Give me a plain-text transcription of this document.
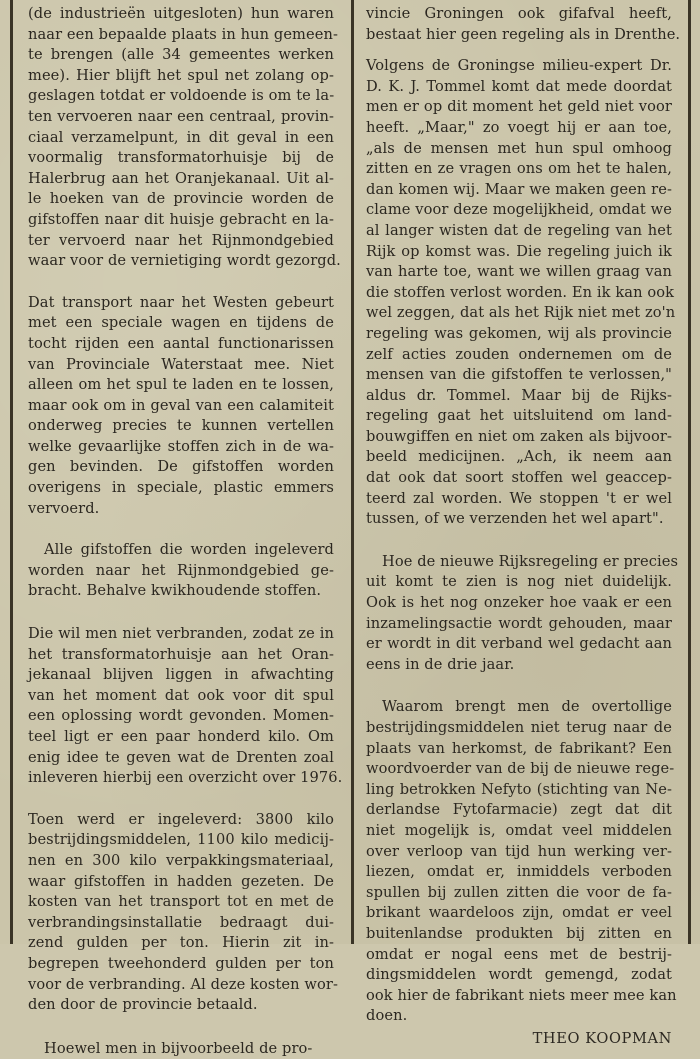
(de industrieën uitgesloten) hun waren
naar een bepaalde plaats in hun gemeen-
te brengen (alle 34 gemeentes werken
mee). Hier blijft het spul net zolang op-
geslagen totdat er voldoende is om te la-
ten vervoeren naar een centraal, provin-
ciaal verzamelpunt, in dit geval in een
voormalig transformatorhuisje bij de
Halerbrug aan het Oranjekanaal. Uit al-
le hoeken van de provincie worden de
gifstoffen naar dit huisje gebracht en la-
ter vervoerd naar het Rijnmondgebied
waar voor de vernietiging wordt gezorgd.

Dat transport naar het Westen gebeurt
met een speciale wagen en tijdens de
tocht rijden een aantal functionarissen
van Provinciale Waterstaat mee. Niet
alleen om het spul te laden en te lossen,
maar ook om in geval van een calamiteit
onderweg precies te kunnen vertellen
welke gevaarlijke stoffen zich in de wa-
gen bevinden. De gifstoffen worden
overigens in speciale, plastic emmers
vervoerd.

Alle gifstoffen die worden ingeleverd
worden naar het Rijnmondgebied ge-
bracht. Behalve kwikhoudende stoffen.

Die wil men niet verbranden, zodat ze in
het transformatorhuisje aan het Oran-
jekanaal blijven liggen in afwachting
van het moment dat ook voor dit spul
een oplossing wordt gevonden. Momen-
teel ligt er een paar honderd kilo. Om
enig idee te geven wat de Drenten zoal
inleveren hierbij een overzicht over 1976.

Toen werd er ingeleverd: 3800 kilo
bestrijdingsmiddelen, 1100 kilo medicij-
nen en 300 kilo verpakkingsmateriaal,
waar gifstoffen in hadden gezeten. De
kosten van het transport tot en met de
verbrandingsinstallatie bedraagt dui-
zend gulden per ton. Hierin zit in-
begrepen tweehonderd gulden per ton
voor de verbranding. Al deze kosten wor-
den door de provincie betaald.

Hoewel men in bijvoorbeeld de pro-

vincie Groningen ook gifafval heeft,
bestaat hier geen regeling als in Drenthe.

Volgens de Groningse milieu-expert Dr.
D. K. J. Tommel komt dat mede doordat
men er op dit moment het geld niet voor
heeft. „Maar," zo voegt hij er aan toe,
„als de mensen met hun spul omhoog
zitten en ze vragen ons om het te halen,
dan komen wij. Maar we maken geen re-
clame voor deze mogelijkheid, omdat we
al langer wisten dat de regeling van het
Rijk op komst was. Die regeling juich ik
van harte toe, want we willen graag van
die stoffen verlost worden. En ik kan ook
wel zeggen, dat als het Rijk niet met zo'n
regeling was gekomen, wij als provincie
zelf acties zouden ondernemen om de
mensen van die gifstoffen te verlossen,"
aldus dr. Tommel. Maar bij de Rijks-
regeling gaat het uitsluitend om land-
bouwgiffen en niet om zaken als bijvoor-
beeld medicijnen. „Ach, ik neem aan
dat ook dat soort stoffen wel geaccep-
teerd zal worden. We stoppen 't er wel
tussen, of we verzenden het wel apart".

Hoe de nieuwe Rijksregeling er precies
uit komt te zien is nog niet duidelijk.
Ook is het nog onzeker hoe vaak er een
inzamelingsactie wordt gehouden, maar
er wordt in dit verband wel gedacht aan
eens in de drie jaar.

Waarom brengt men de overtollige
bestrijdingsmiddelen niet terug naar de
plaats van herkomst, de fabrikant? Een
woordvoerder van de bij de nieuwe rege-
ling betrokken Nefyto (stichting van Ne-
derlandse Fytofarmacie) zegt dat dit
niet mogelijk is, omdat veel middelen
over verloop van tijd hun werking ver-
liezen, omdat er, inmiddels verboden
spullen bij zullen zitten die voor de fa-
brikant waardeloos zijn, omdat er veel
buitenlandse produkten bij zitten en
omdat er nogal eens met de bestrij-
dingsmiddelen wordt gemengd, zodat
ook hier de fabrikant niets meer mee kan
doen.

THEO KOOPMAN
